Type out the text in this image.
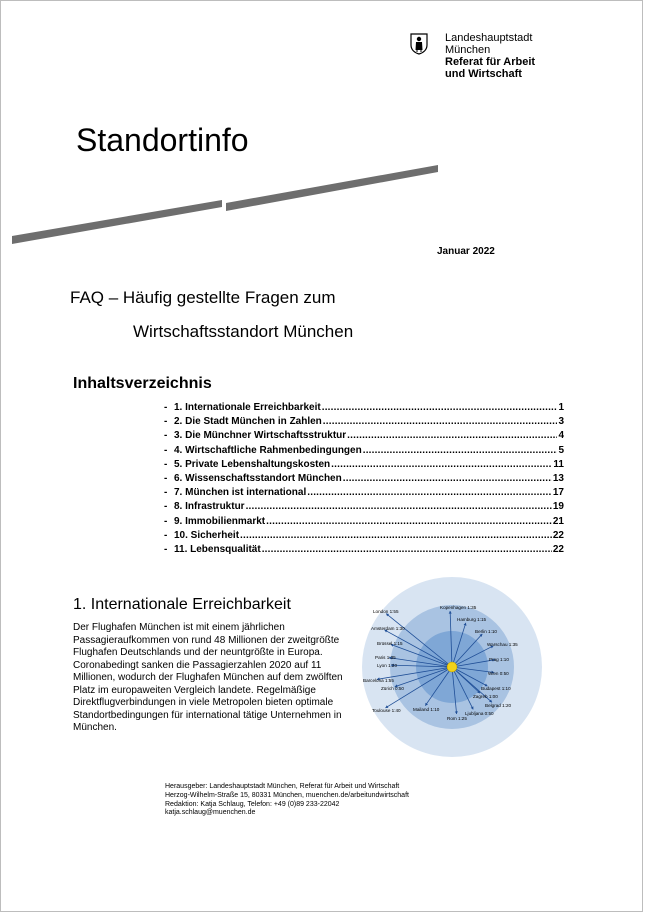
Landeshauptstadt
München
Referat für Arbeit
und Wirtschaft
Standortinfo
Januar 2022
FAQ – Häufig gestellte Fragen zum
Wirtschaftsstandort München
Inhaltsverzeichnis
- 1. Internationale Erreichbarkeit .....	1
- 2. Die Stadt München in Zahlen .....	3
- 3. Die Münchner Wirtschaftsstruktur .....	4
- 4. Wirtschaftliche Rahmenbedingungen .....	5
- 5. Private Lebenshaltungskosten .....	11
- 6. Wissenschaftsstandort München .....	13
- 7. München ist international .....	17
- 8. Infrastruktur .....	19
- 9. Immobilienmarkt .....	21
- 10. Sicherheit .....	22
- 11. Lebensqualität .....	22
1. Internationale Erreichbarkeit
Der Flughafen München ist mit einem jährlichen Passagieraufkommen von rund 48 Millionen der zweitgrößte Flughafen Deutschlands und der neuntgrößte in Europa. Coronabedingt sanken die Passagierzahlen 2020 auf 11 Millionen, wodurch der Flughafen München auf dem zwölften Platz im europaweiten Vergleich landete. Regelmäßige Direktflugverbindungen in viele Metropolen bieten optimale Standortbedingungen für international tätige Unternehmen in München.
Kopenhagen 1:35
London 1:55
Hamburg 1:15
Amsterdam 1:30
Berlin 1:10
Warschau 1:35
Brüssel 1:15
Prag 1:10
Paris 1:35
Lyon 1:20
Wien 0:50
Barcelona 1:55
Budapest 1:10
Zürich 0:50
Zagreb 1:00
Belgrad 1:20
Toulouse 1:40	Mailand 1:10
Ljubljana 0:50
Rom 1:25
Herausgeber: Landeshauptstadt München, Referat für Arbeit und Wirtschaft
Herzog-Wilhelm-Straße 15, 80331 München, muenchen.de/arbeitundwirtschaft
Redaktion: Katja Schlaug, Telefon: +49 (0)89 233-22042
katja.schlaug@muenchen.de
